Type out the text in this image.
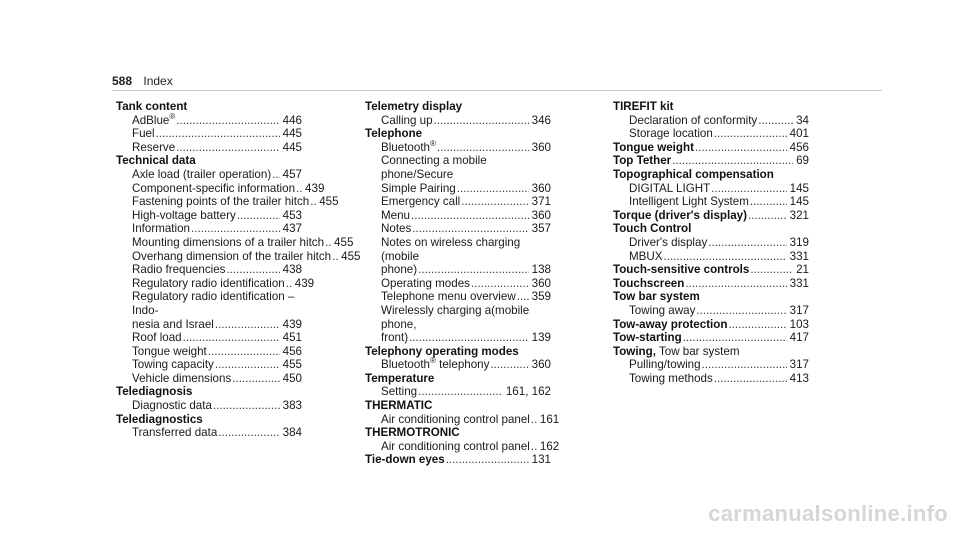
588 Index
Tank content
AdBlue® .....	446
Fuel .....	445
Reserve .....	445
Technical data
Axle load (trailer operation) ..... 457
Component-specific information ..... 439
Fastening points of the trailer hitch ..... 455
High-voltage battery .....	453
Information .....	437
Mounting dimensions of a trailer hitch ..... 455
Overhang dimension of the trailer hitch ..... 455
Radio frequencies .....	438
Regulatory radio identification ..... 439
Regulatory radio identification – Indo-
nesia and Israel .....	439
Roof load .....	451
Tongue weight .....	456
Towing capacity .....	455
Vehicle dimensions .....	450
Telediagnosis
Diagnostic data .....	383
Telediagnostics
Transferred data .....	384
Telemetry display
Calling up .....	346
Telephone
Bluetooth® .....	360
Connecting a mobile phone/Secure
Simple Pairing .....	360
Emergency call .....	371
Menu .....	360
Notes .....	357
Notes on wireless charging (mobile
phone) .....	138
Operating modes .....	360
Telephone menu overview ..... 359
Wirelessly charging a(mobile phone,
front) .....	139
Telephony operating modes
Bluetooth® telephony .....	360
Temperature
Setting .....	161, 162
THERMATIC
Air conditioning control panel ..... 161
THERMOTRONIC
Air conditioning control panel ..... 162
Tie-down eyes .....	131
TIREFIT kit
Declaration of conformity .....	34
Storage location .....	401
Tongue weight .....	456
Top Tether .....	69
Topographical compensation
DIGITAL LIGHT .....	145
Intelligent Light System .....	145
Torque (driver's display) .....	321
Touch Control
Driver's display .....	319
MBUX .....	331
Touch-sensitive controls .....	21
Touchscreen .....	331
Tow bar system
Towing away .....	317
Tow-away protection .....	103
Tow-starting .....	417
Towing, Tow bar system
Pulling/towing .....	317
Towing methods .....	413
carmanualsonline.info
